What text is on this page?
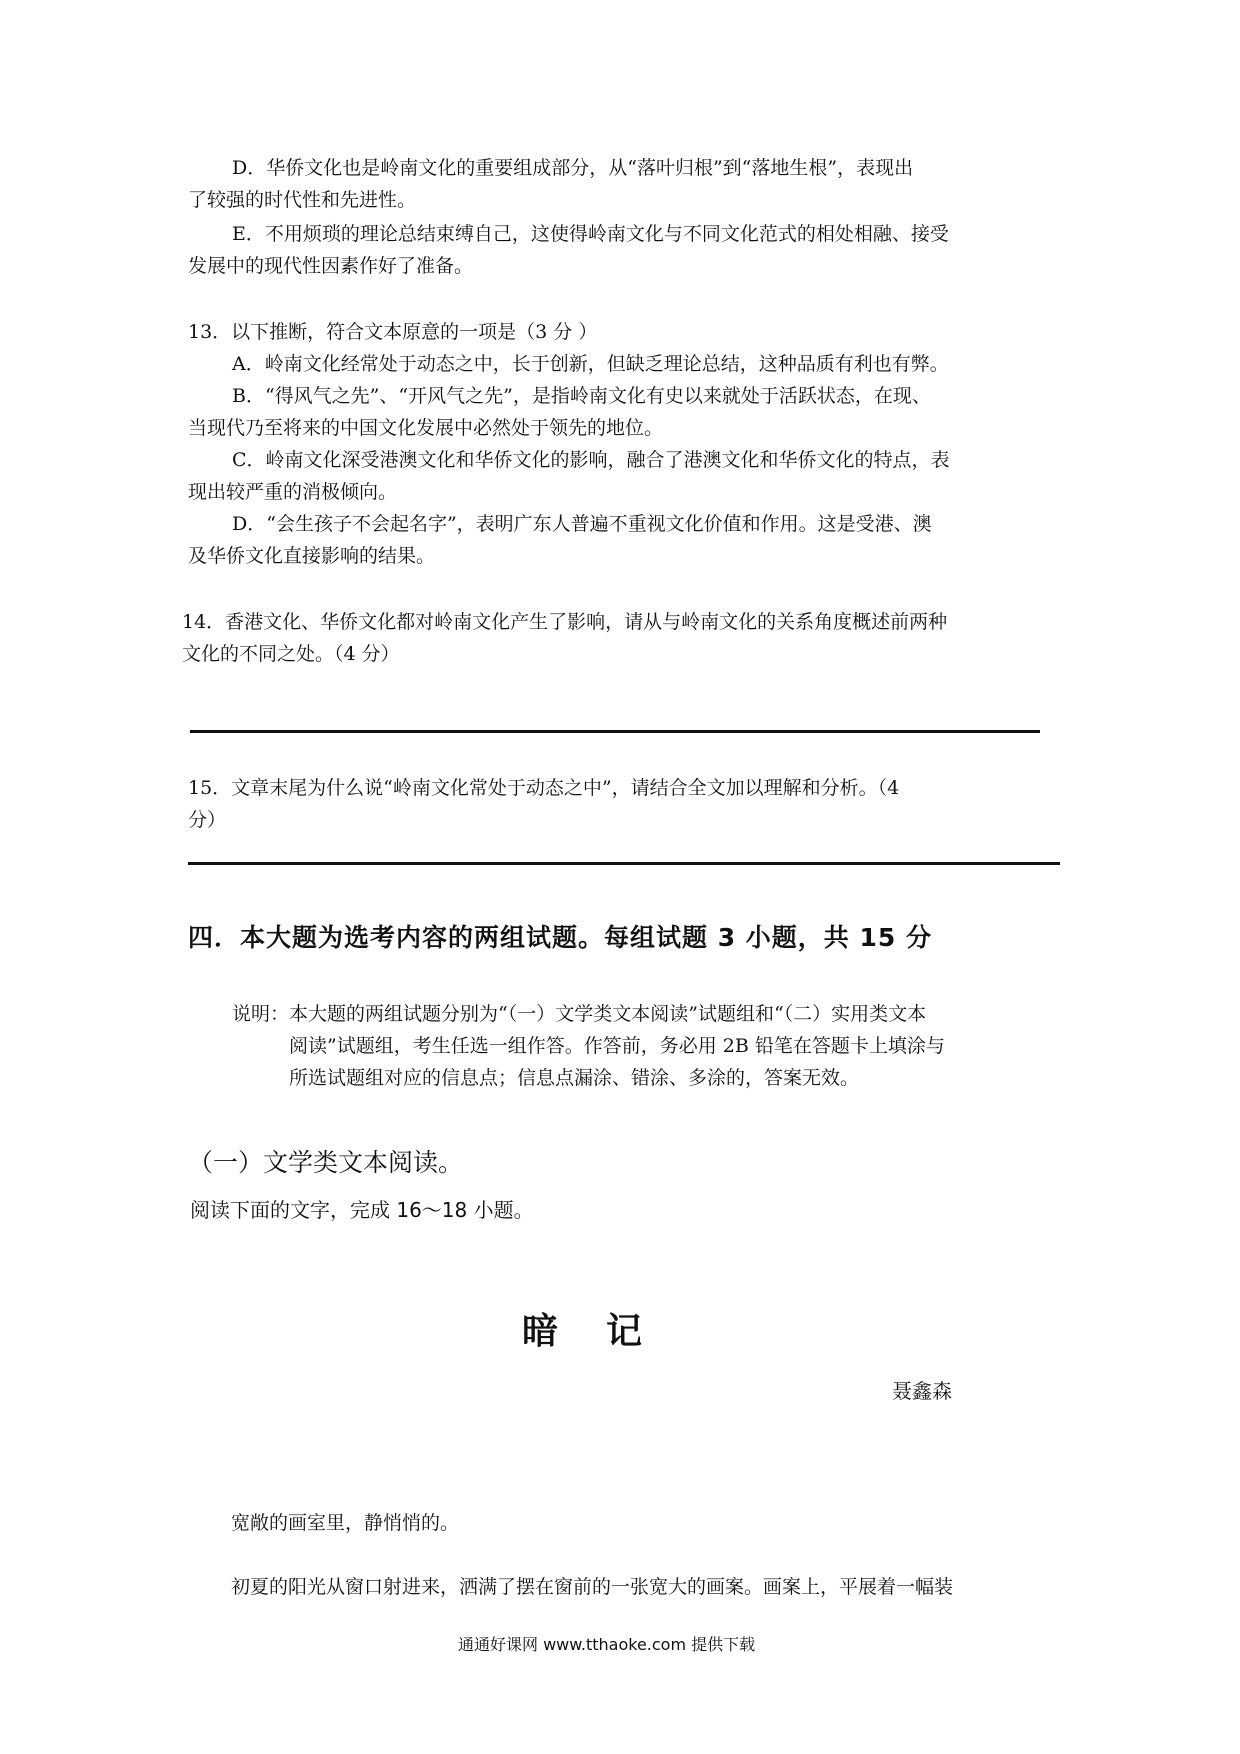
D．华侨文化也是岭南文化的重要组成部分，从“落叶归根”到“落地生根”，表现出
了较强的时代性和先进性。
E．不用烦琐的理论总结束缚自己，这使得岭南文化与不同文化范式的相处相融、接受
发展中的现代性因素作好了准备。
13．以下推断，符合文本原意的一项是（3 分 ）
A．岭南文化经常处于动态之中，长于创新，但缺乏理论总结，这种品质有利也有弊。
B．“得风气之先”、“开风气之先”，是指岭南文化有史以来就处于活跃状态，在现、
当现代乃至将来的中国文化发展中必然处于领先的地位。
C．岭南文化深受港澳文化和华侨文化的影响，融合了港澳文化和华侨文化的特点，表
现出较严重的消极倾向。
D．“会生孩子不会起名字”，表明广东人普遍不重视文化价值和作用。这是受港、澳
及华侨文化直接影响的结果。
14．香港文化、华侨文化都对岭南文化产生了影响，请从与岭南文化的关系角度概述前两种
文化的不同之处。（4 分）
15．文章末尾为什么说“岭南文化常处于动态之中”，请结合全文加以理解和分析。（4
分）
四．本大题为选考内容的两组试题。每组试题 3 小题，共 15 分
说明：本大题的两组试题分别为“（一）文学类文本阅读”试题组和“（二）实用类文本
阅读”试题组，考生任选一组作答。作答前，务必用 2B 铅笔在答题卡上填涂与
所选试题组对应的信息点；信息点漏涂、错涂、多涂的，答案无效。
（一）文学类文本阅读。
阅读下面的文字，完成 16～18 小题。
暗记
聂鑫森
宽敞的画室里，静悄悄的。
初夏的阳光从窗口射进来，洒满了摆在窗前的一张宽大的画案。画案上，平展着一幅装
通通好课网 www.tthaoke.com 提供下载
